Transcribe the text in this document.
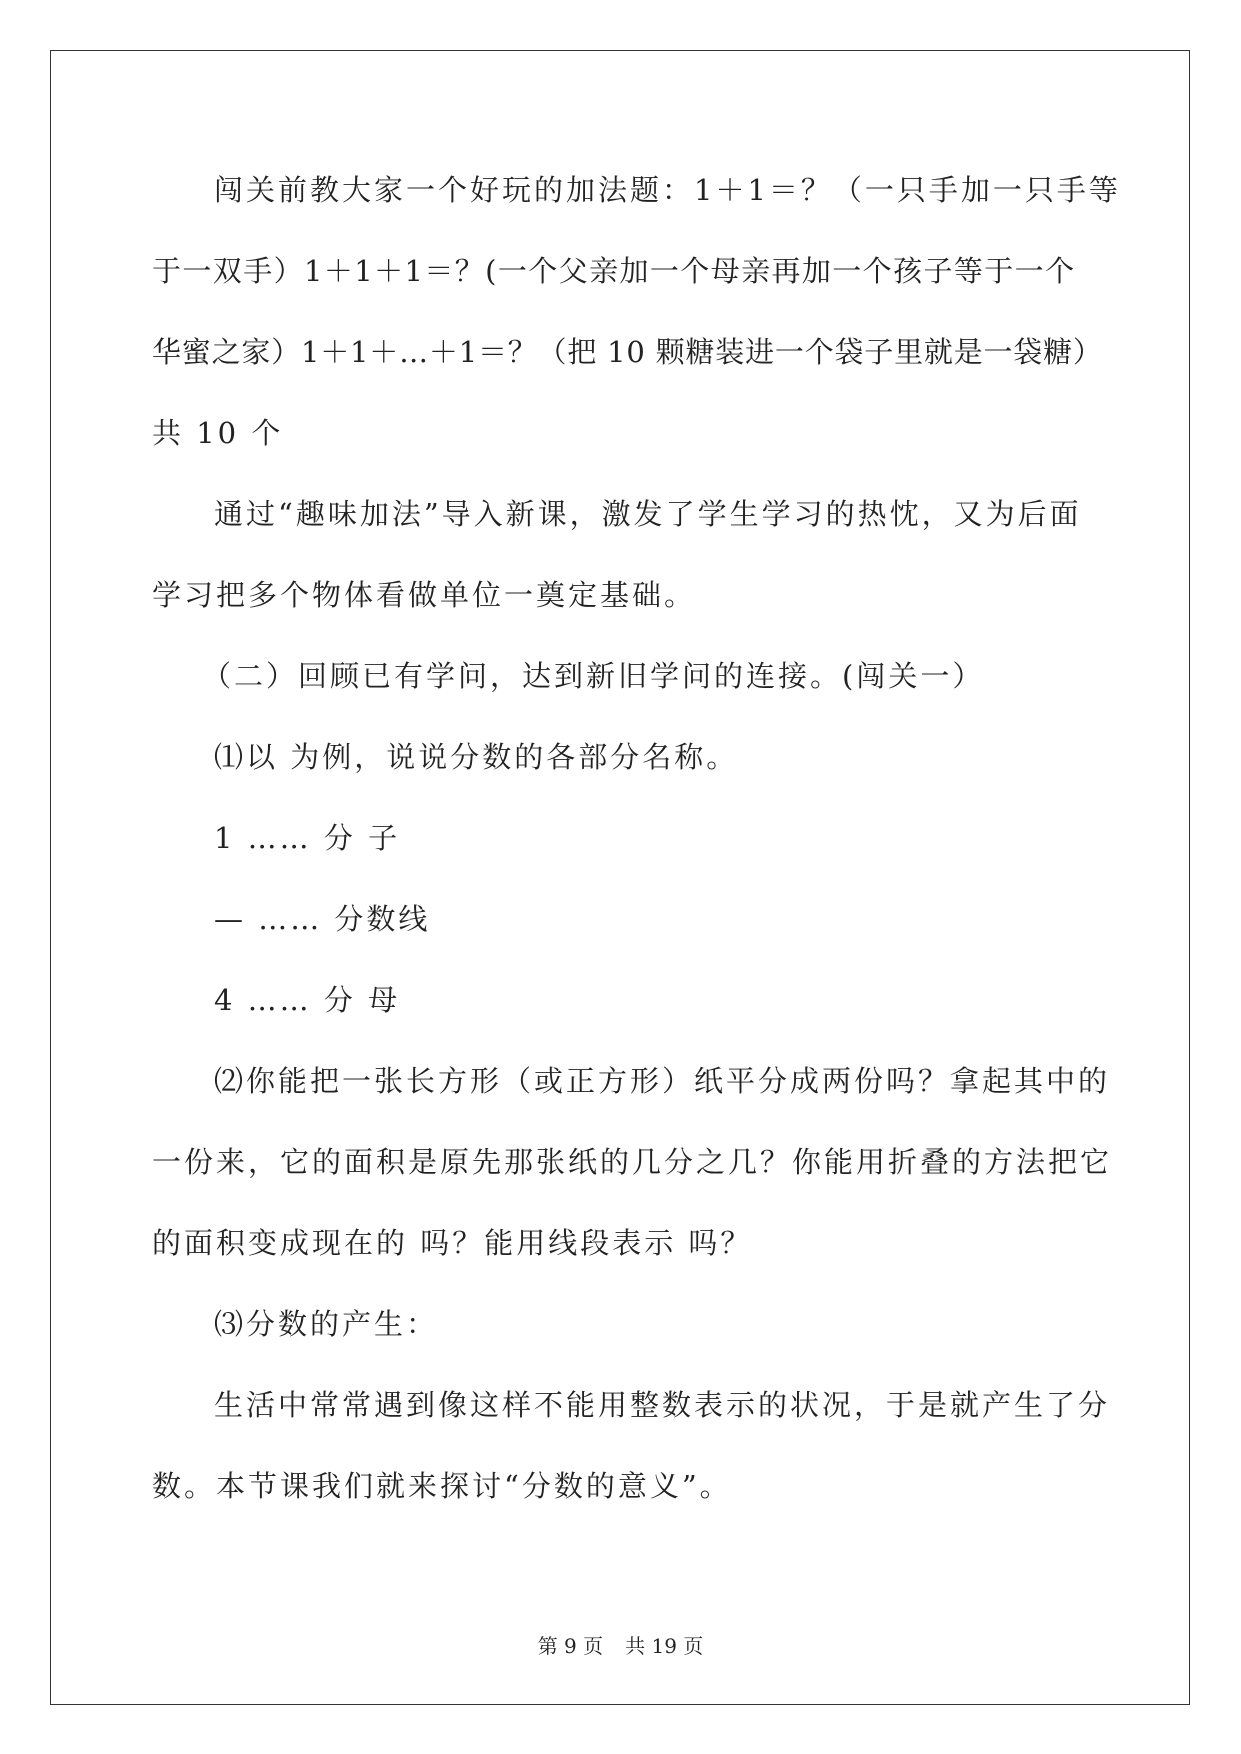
闯关前教大家一个好玩的加法题：1＋1＝？（一只手加一只手等
于一双手）1＋1＋1＝？(一个父亲加一个母亲再加一个孩子等于一个
华蜜之家）1＋1＋…＋1＝？（把 10 颗糖装进一个袋子里就是一袋糖）
共 10 个
通过“趣味加法”导入新课，激发了学生学习的热忱，又为后面
学习把多个物体看做单位一奠定基础。
（二）回顾已有学问，达到新旧学问的连接。(闯关一）
⑴以 为例，说说分数的各部分名称。
1 …… 分 子
— …… 分数线
4 …… 分 母
⑵你能把一张长方形（或正方形）纸平分成两份吗？拿起其中的
一份来，它的面积是原先那张纸的几分之几？你能用折叠的方法把它
的面积变成现在的 吗？能用线段表示 吗？
⑶分数的产生：
生活中常常遇到像这样不能用整数表示的状况，于是就产生了分
数。本节课我们就来探讨“分数的意义”。
第 9 页 共 19 页
